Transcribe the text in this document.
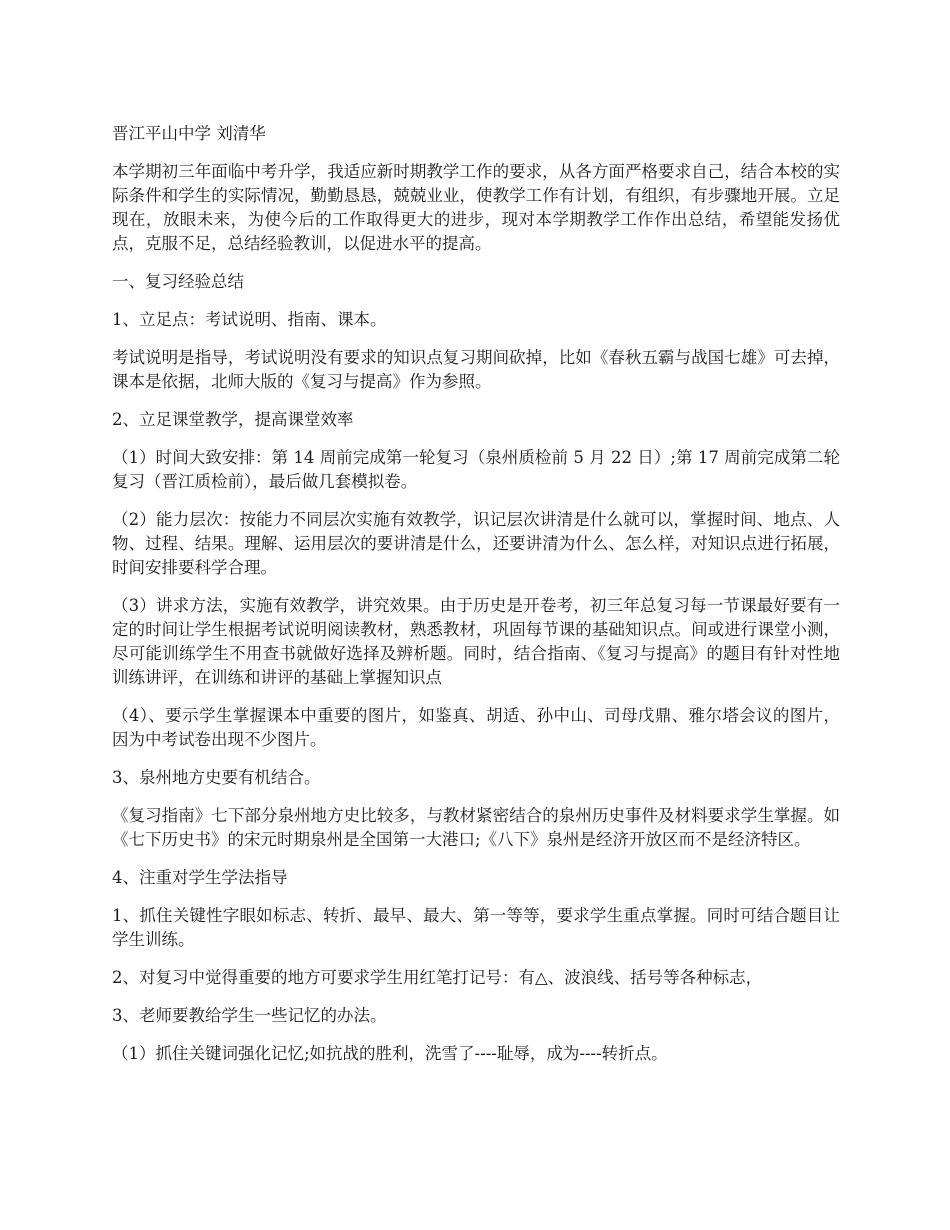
晋江平山中学 刘清华

本学期初三年面临中考升学，我适应新时期教学工作的要求，从各方面严格要求自己，结合本校的实际条件和学生的实际情况，勤勤恳恳，兢兢业业，使教学工作有计划，有组织，有步骤地开展。立足现在，放眼未来，为使今后的工作取得更大的进步，现对本学期教学工作作出总结，希望能发扬优点，克服不足，总结经验教训，以促进水平的提高。

一、复习经验总结

1、立足点：考试说明、指南、课本。

考试说明是指导，考试说明没有要求的知识点复习期间砍掉，比如《春秋五霸与战国七雄》可去掉，课本是依据，北师大版的《复习与提高》作为参照。

2、立足课堂教学，提高课堂效率

（1）时间大致安排：第 14 周前完成第一轮复习（泉州质检前 5 月 22 日）;第 17 周前完成第二轮复习（晋江质检前），最后做几套模拟卷。

（2）能力层次：按能力不同层次实施有效教学，识记层次讲清是什么就可以，掌握时间、地点、人物、过程、结果。理解、运用层次的要讲清是什么，还要讲清为什么、怎么样，对知识点进行拓展，时间安排要科学合理。

（3）讲求方法，实施有效教学，讲究效果。由于历史是开卷考，初三年总复习每一节课最好要有一定的时间让学生根据考试说明阅读教材，熟悉教材，巩固每节课的基础知识点。间或进行课堂小测，尽可能训练学生不用查书就做好选择及辨析题。同时，结合指南、《复习与提高》的题目有针对性地训练讲评，在训练和讲评的基础上掌握知识点

（4）、要示学生掌握课本中重要的图片，如鉴真、胡适、孙中山、司母戊鼎、雅尔塔会议的图片，因为中考试卷出现不少图片。

3、泉州地方史要有机结合。

《复习指南》七下部分泉州地方史比较多，与教材紧密结合的泉州历史事件及材料要求学生掌握。如《七下历史书》的宋元时期泉州是全国第一大港口;《八下》泉州是经济开放区而不是经济特区。

4、注重对学生学法指导

1、抓住关键性字眼如标志、转折、最早、最大、第一等等，要求学生重点掌握。同时可结合题目让学生训练。

2、对复习中觉得重要的地方可要求学生用红笔打记号：有△、波浪线、括号等各种标志，

3、老师要教给学生一些记忆的办法。

（1）抓住关键词强化记忆;如抗战的胜利，洗雪了----耻辱，成为----转折点。
